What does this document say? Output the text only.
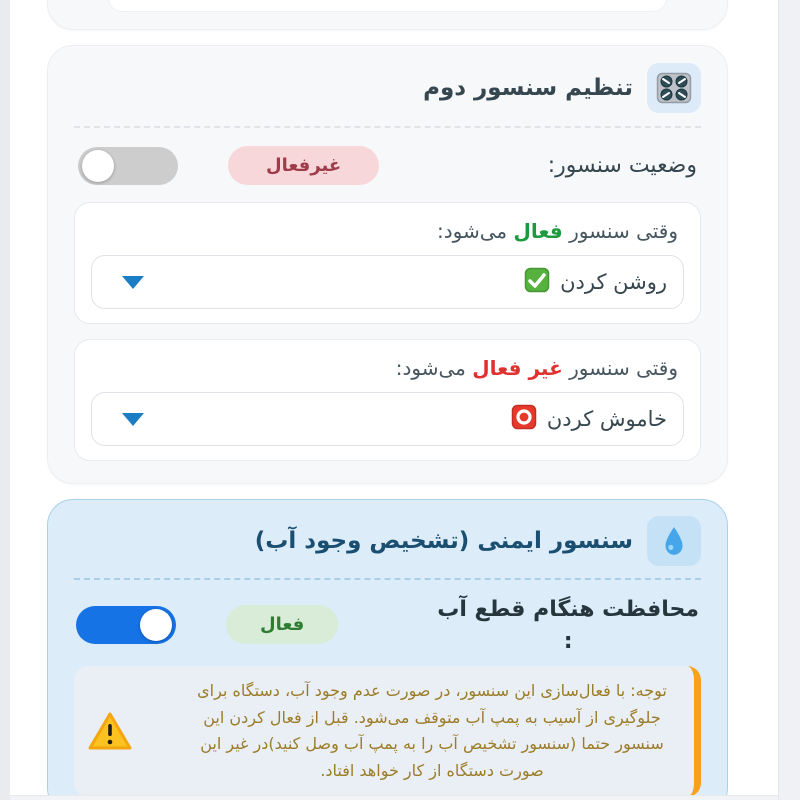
تنظیم سنسور دوم
وضعیت سنسور:
غیرفعال

وقتی سنسور فعال می‌شود:

روشن کردن

وقتی سنسور غیر فعال می‌شود:

خاموش کردن
سنسور ایمنی (تشخیص وجود آب)
محافظت هنگام قطع آب
:
فعال

توجه: با فعال‌سازی این سنسور، در صورت عدم وجود آب، دستگاه برای جلوگیری از آسیب به پمپ آب متوقف می‌شود. قبل از فعال کردن این سنسور حتما (سنسور تشخیص آب را به پمپ آب وصل کنید)در غیر این صورت دستگاه از کار خواهد افتاد.
